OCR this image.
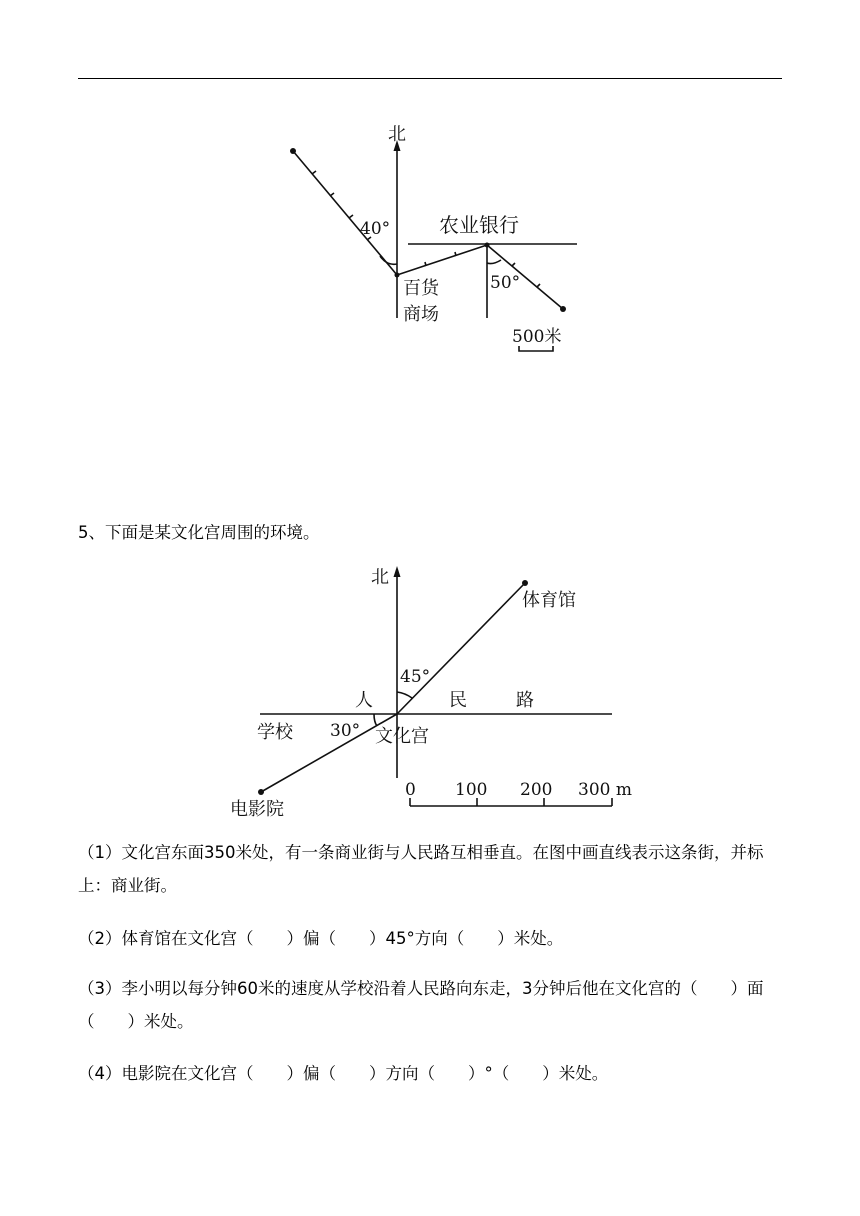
北
40° 农业银行
百货
商场
50°
500米

5、下面是某文化宫周围的环境。

北
体育馆
45°
人	民	路
学校 30° 文化宫
电影院
0 100 200 300 m

（1）文化宫东面350米处，有一条商业街与人民路互相垂直。在图中画直线表示这条街，并标上：商业街。

（2）体育馆在文化宫（　　）偏（　　）45°方向（　　）米处。

（3）李小明以每分钟60米的速度从学校沿着人民路向东走，3分钟后他在文化宫的（　　）面（　　）米处。

（4）电影院在文化宫（　　）偏（　　）方向（　　）°（　　）米处。
